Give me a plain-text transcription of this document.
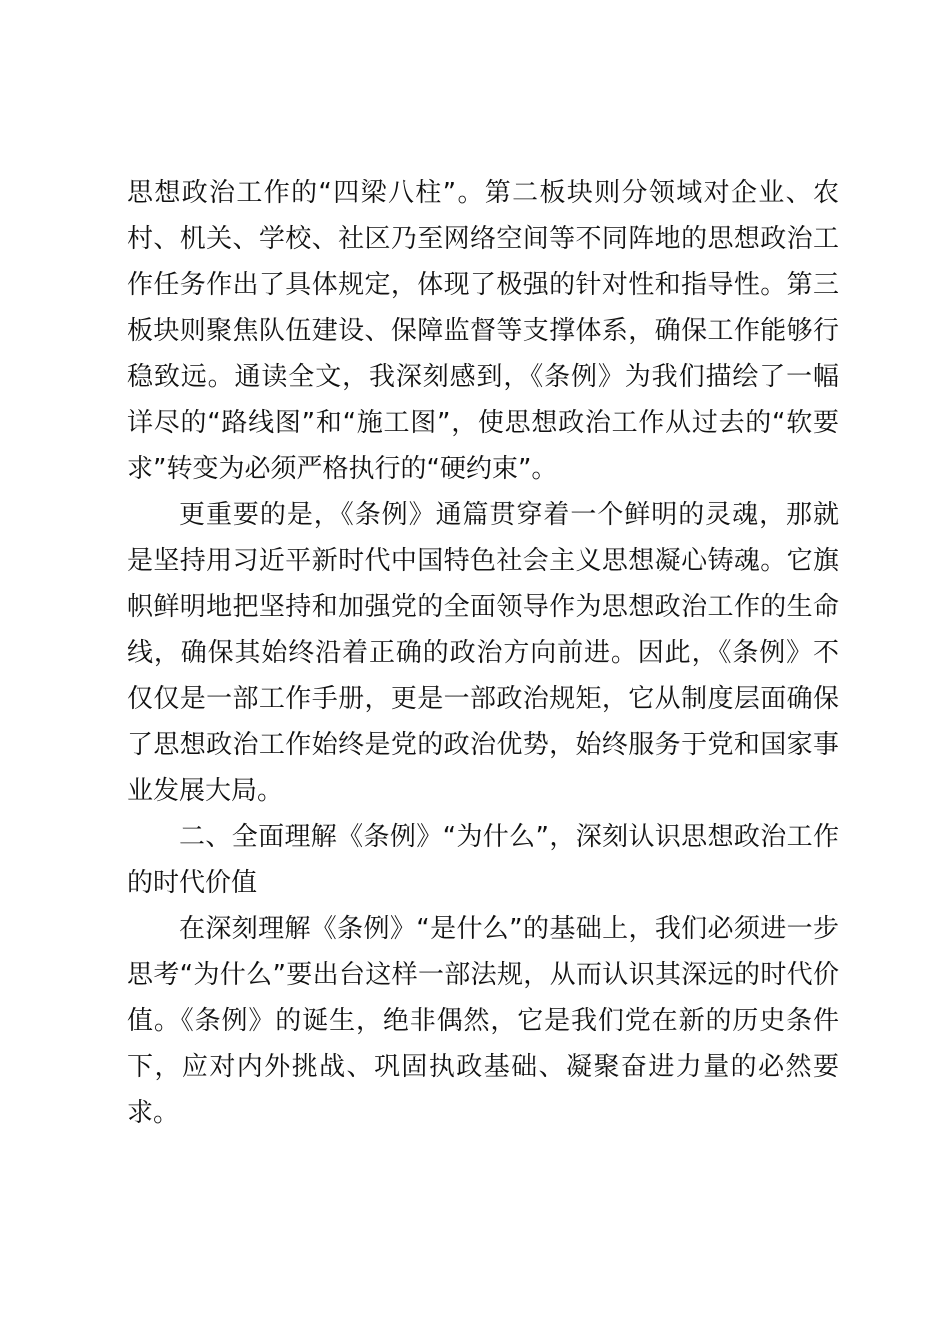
思想政治工作的“四梁八柱”。第二板块则分领域对企业、农村、机关、学校、社区乃至网络空间等不同阵地的思想政治工作任务作出了具体规定，体现了极强的针对性和指导性。第三板块则聚焦队伍建设、保障监督等支撑体系，确保工作能够行稳致远。通读全文，我深刻感到，《条例》为我们描绘了一幅详尽的“路线图”和“施工图”，使思想政治工作从过去的“软要求”转变为必须严格执行的“硬约束”。

更重要的是，《条例》通篇贯穿着一个鲜明的灵魂，那就是坚持用习近平新时代中国特色社会主义思想凝心铸魂。它旗帜鲜明地把坚持和加强党的全面领导作为思想政治工作的生命线，确保其始终沿着正确的政治方向前进。因此，《条例》不仅仅是一部工作手册，更是一部政治规矩，它从制度层面确保了思想政治工作始终是党的政治优势，始终服务于党和国家事业发展大局。

二、全面理解《条例》“为什么”，深刻认识思想政治工作的时代价值

在深刻理解《条例》“是什么”的基础上，我们必须进一步思考“为什么”要出台这样一部法规，从而认识其深远的时代价值。《条例》的诞生，绝非偶然，它是我们党在新的历史条件下，应对内外挑战、巩固执政基础、凝聚奋进力量的必然要求。
